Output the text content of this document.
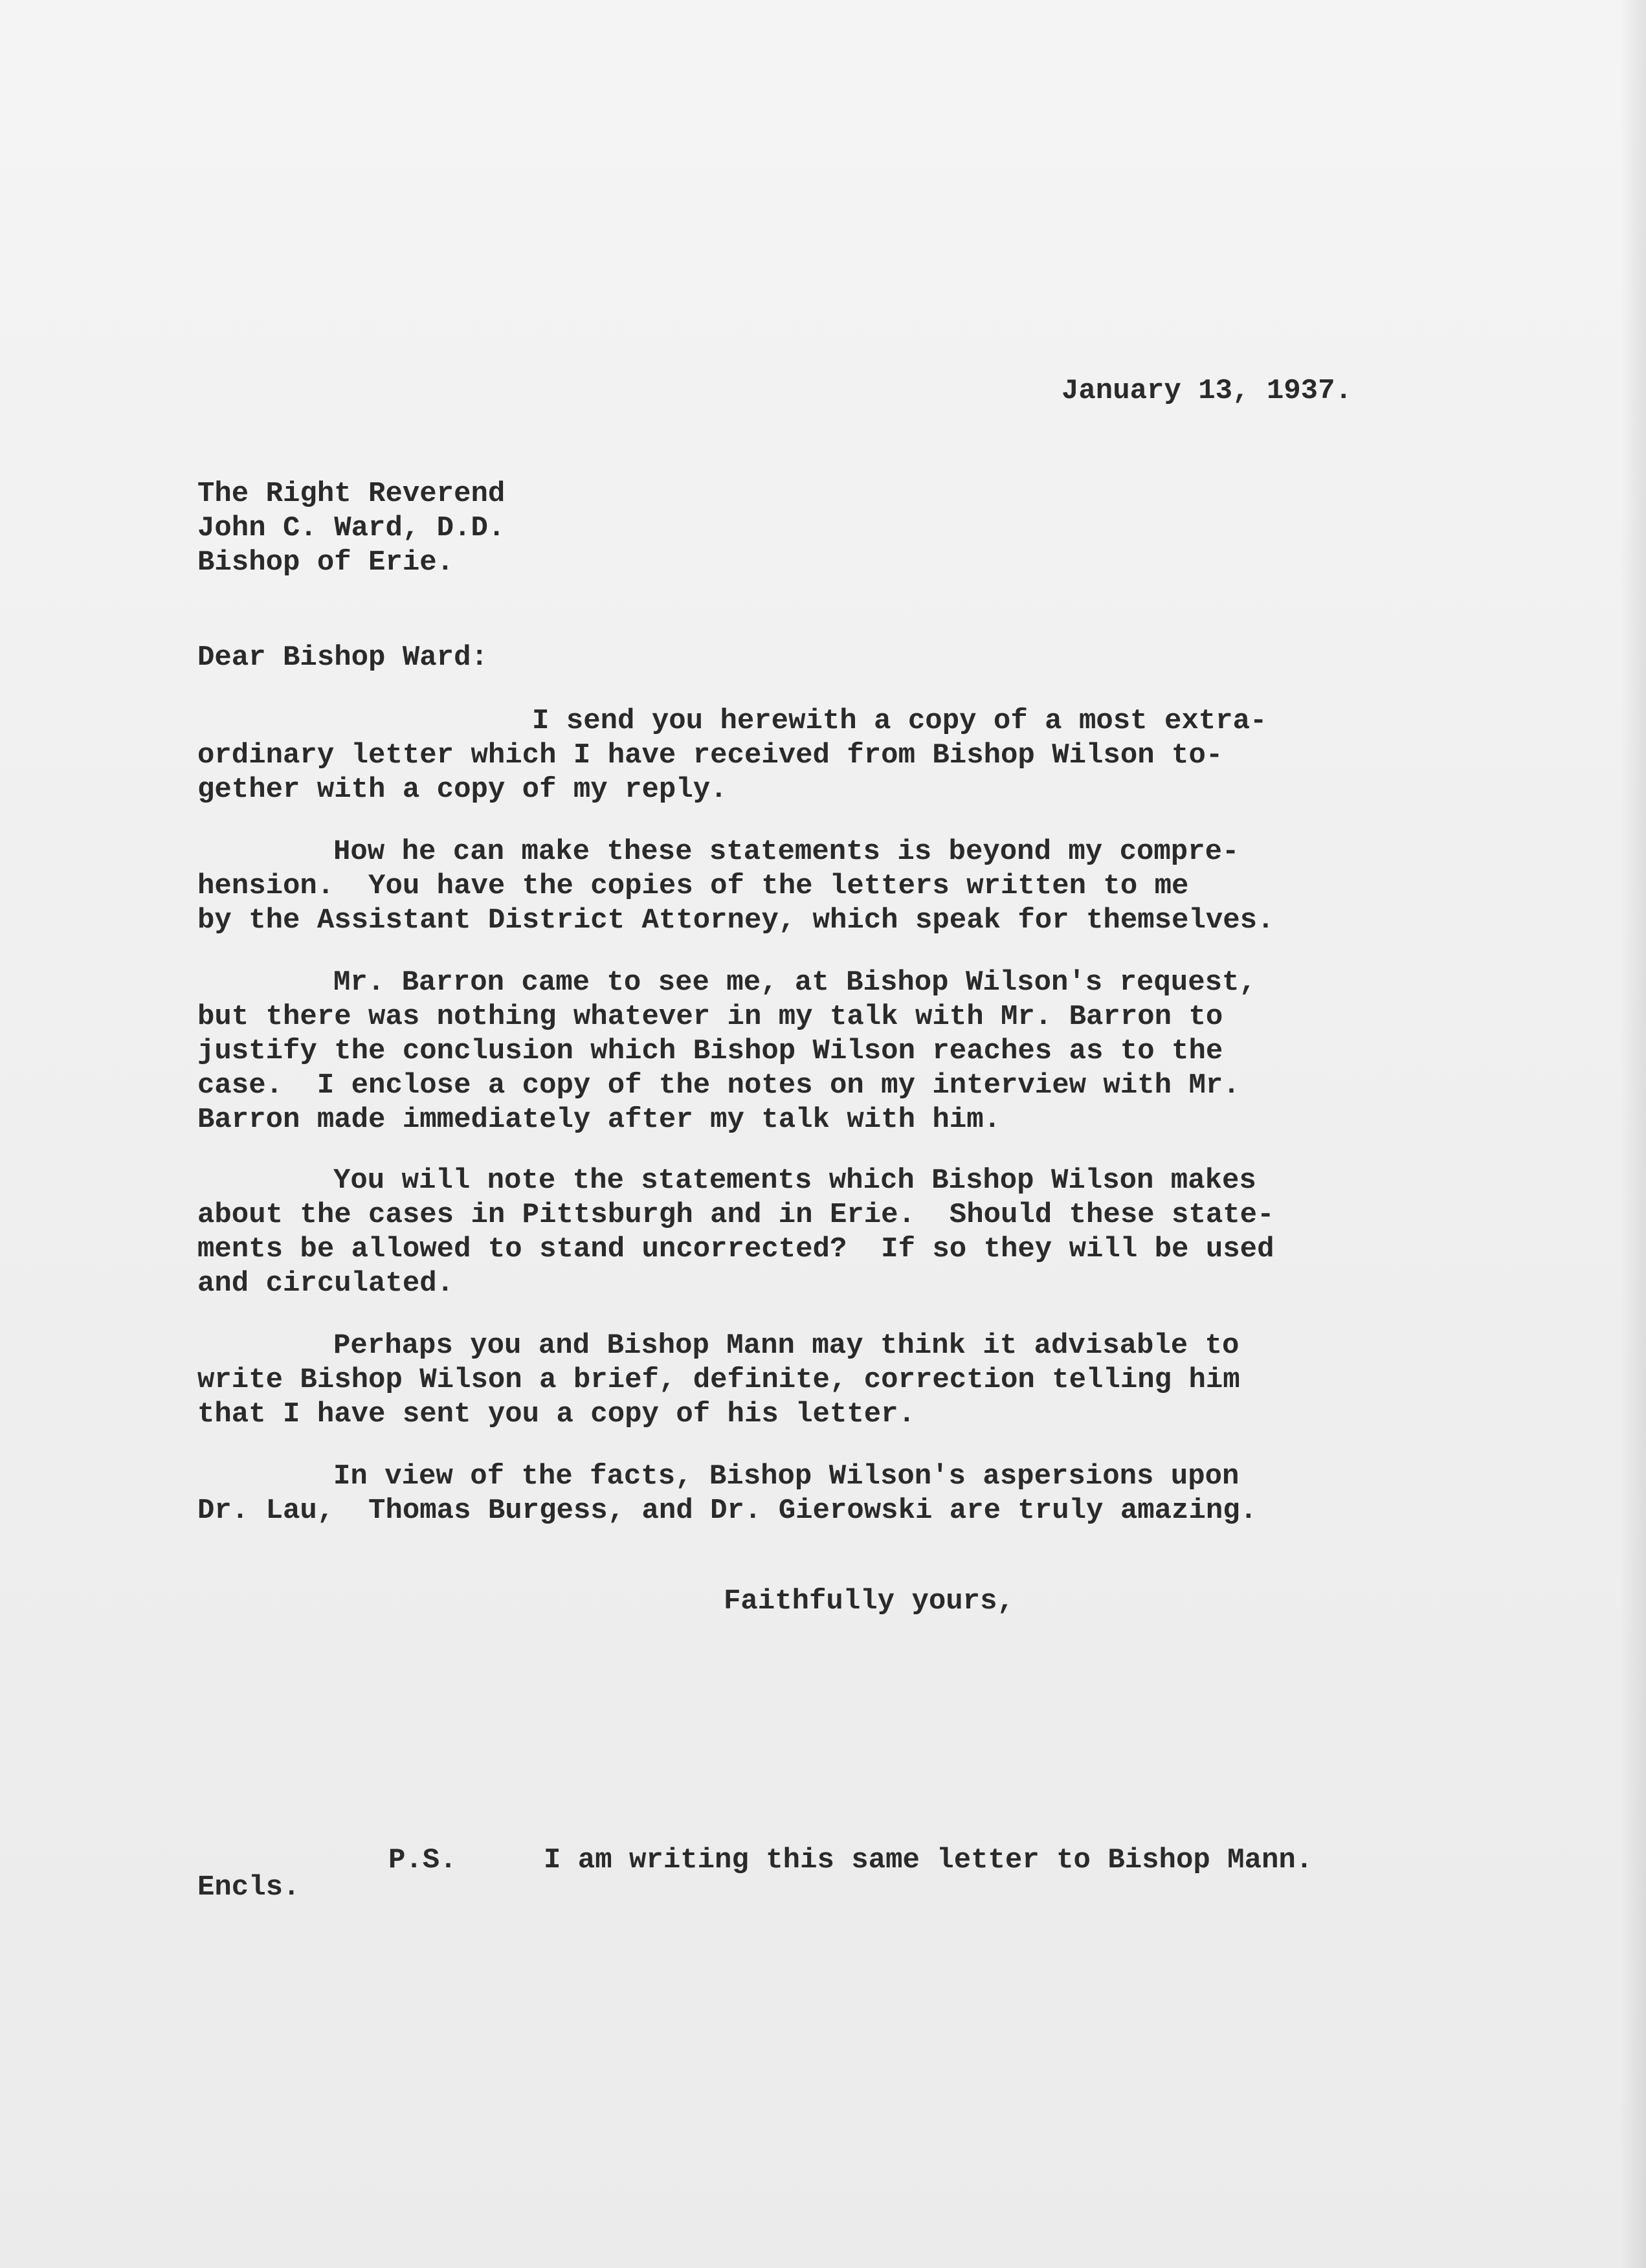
January 13, 1937.

The Right Reverend

John C. Ward, D.D.

Bishop of Erie.

Dear Bishop Ward:

I send you herewith a copy of a most extra-

ordinary letter which I have received from Bishop Wilson to-

gether with a copy of my reply.

How he can make these statements is beyond my compre-

hension.  You have the copies of the letters written to me

by the Assistant District Attorney, which speak for themselves.

Mr. Barron came to see me, at Bishop Wilson's request,

but there was nothing whatever in my talk with Mr. Barron to

justify the conclusion which Bishop Wilson reaches as to the

case.  I enclose a copy of the notes on my interview with Mr.

Barron made immediately after my talk with him.

You will note the statements which Bishop Wilson makes

about the cases in Pittsburgh and in Erie.  Should these state-

ments be allowed to stand uncorrected?  If so they will be used

and circulated.

Perhaps you and Bishop Mann may think it advisable to

write Bishop Wilson a brief, definite, correction telling him

that I have sent you a copy of his letter.

In view of the facts, Bishop Wilson's aspersions upon

Dr. Lau,  Thomas Burgess, and Dr. Gierowski are truly amazing.

Faithfully yours,

P.S.	I am writing this same letter to Bishop Mann.

Encls.
